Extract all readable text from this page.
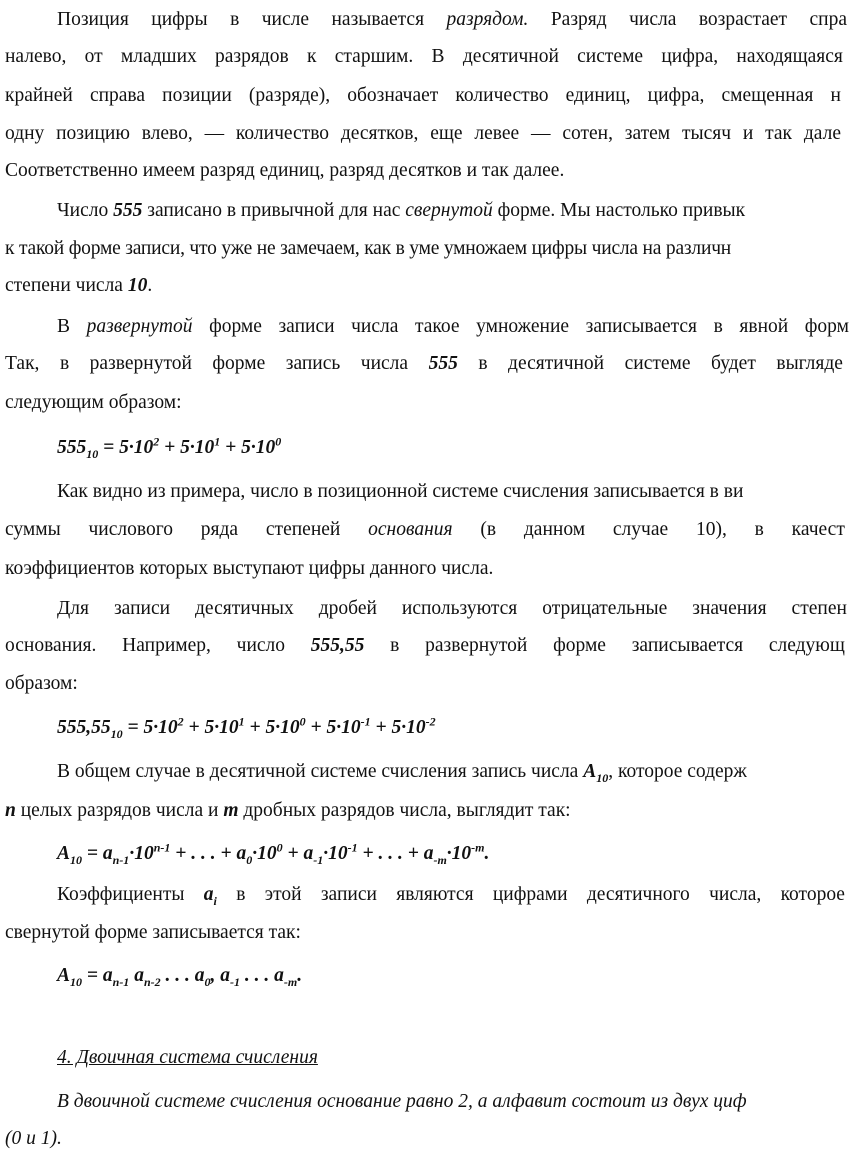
Позиция цифры в числе называется разрядом. Разряд числа возрастает спра
налево, от младших разрядов к старшим. В десятичной системе цифра, находящаяся
крайней справа позиции (разряде), обозначает количество единиц, цифра, смещенная н
одну позицию влево, — количество десятков, еще левее — сотен, затем тысяч и так дале
Соответственно имеем разряд единиц, разряд десятков и так далее.
Число 555 записано в привычной для нас свернутой форме. Мы настолько привык
к такой форме записи, что уже не замечаем, как в уме умножаем цифры числа на различн
степени числа 10.
В развернутой форме записи числа такое умножение записывается в явной форм
Так, в развернутой форме запись числа 555 в десятичной системе будет выгляде
следующим образом:
$555_{10} = 5\cdot 10^2 + 5\cdot 10^1 + 5\cdot 10^0$
Как видно из примера, число в позиционной системе счисления записывается в ви
суммы числового ряда степеней основания (в данном случае 10), в качест
коэффициентов которых выступают цифры данного числа.
Для записи десятичных дробей используются отрицательные значения степен
основания. Например, число 555,55 в развернутой форме записывается следующ
образом:
$555,55_{10} = 5\cdot 10^2 + 5\cdot 10^1 + 5\cdot 10^0 + 5\cdot 10^{-1} + 5\cdot 10^{-2}$
В общем случае в десятичной системе счисления запись числа $A_{10}$, которое содерж
n целых разрядов числа и m дробных разрядов числа, выглядит так:
$A_{10} = a_{n-1}\cdot 10^{n-1}$ + . . . + $a_0\cdot 10^0 + a_{-1}\cdot 10^{-1}$ + . . . + $a_{-m}\cdot 10^{-m}$.
Коэффициенты $a_i$ в этой записи являются цифрами десятичного числа, которое
свернутой форме записывается так:
$A_{10} = a_{n-1}$ $a_{n-2}$ . . . $a_0$, $a_{-1}$ . . . $a_{-m}$.
4. Двоичная система счисления
В двоичной системе счисления основание равно 2, а алфавит состоит из двух циф
(0 и 1).
